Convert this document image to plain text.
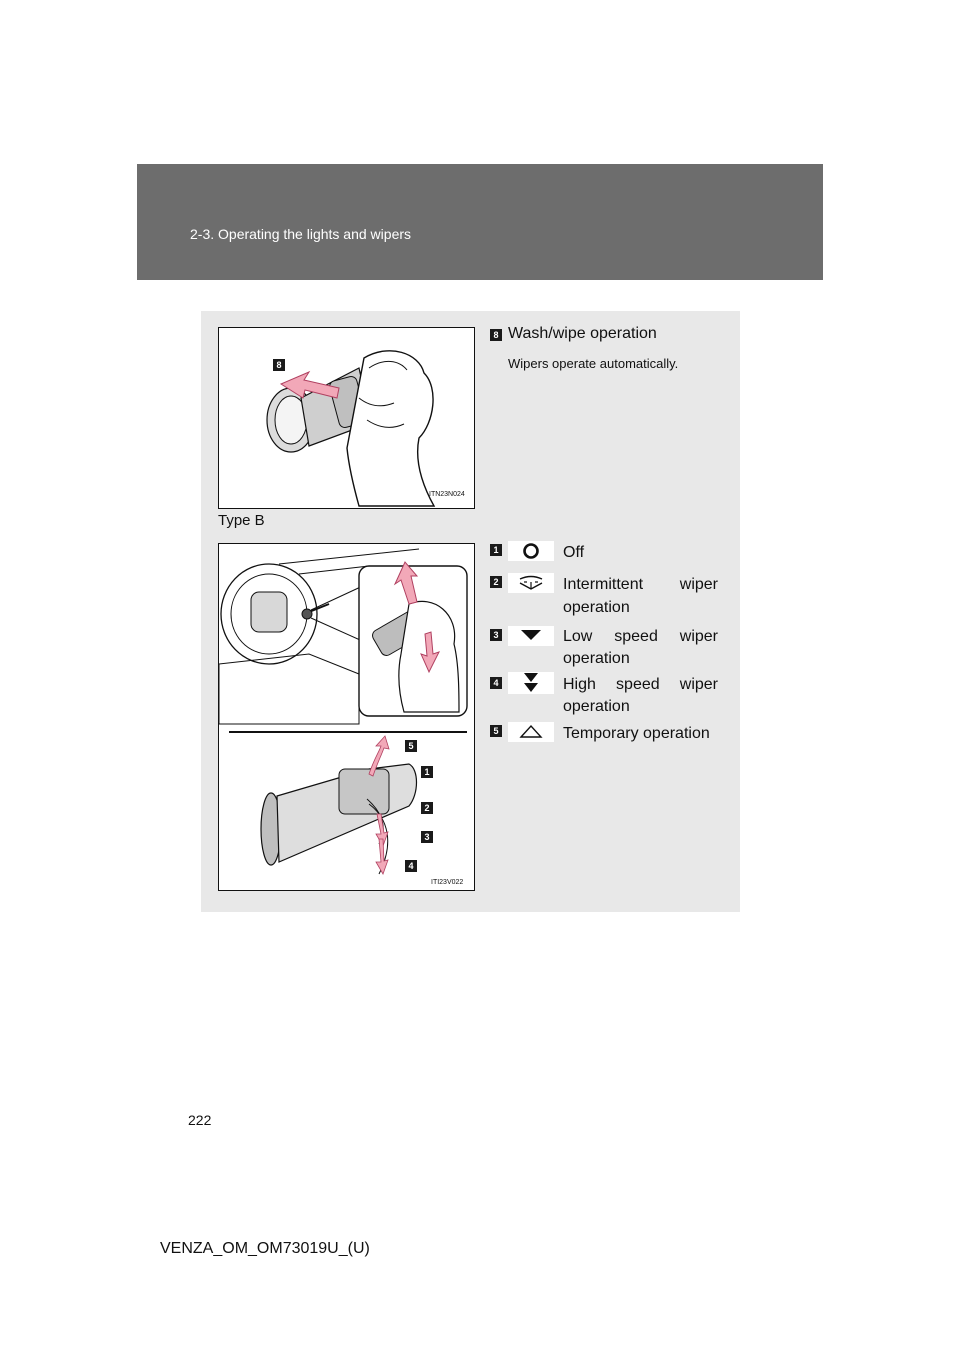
2-3. Operating the lights and wipers
8
ITN23N024
5
1
2
3
4
ITI23V022
8 Wash/wipe operation
Wipers operate automatically.
Type B
1	Off
2	Intermittent wiper
operation
3	Low speed wiper
operation
4	High speed wiper
operation
5	Temporary operation
222
VENZA_OM_OM73019U_(U)
